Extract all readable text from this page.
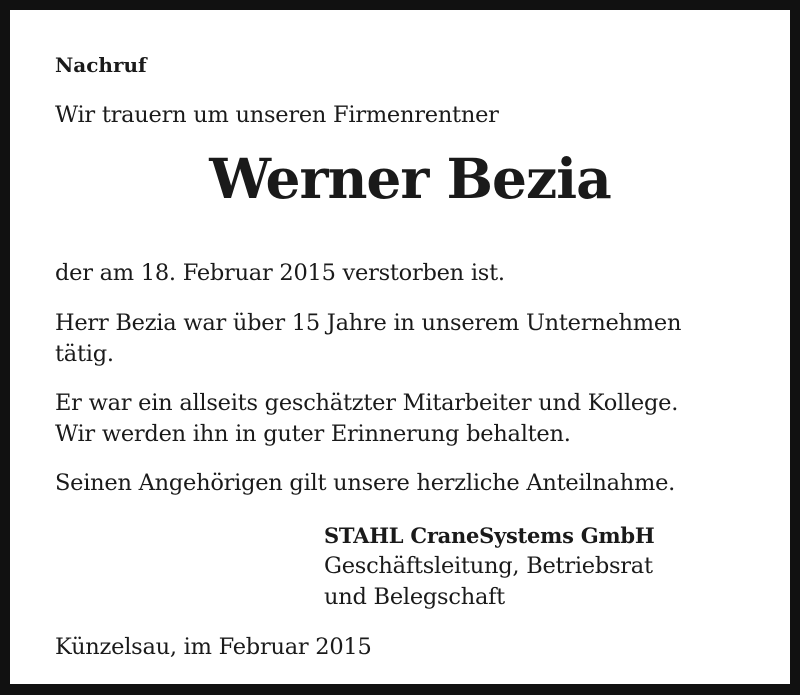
Nachruf
Wir trauern um unseren Firmenrentner
Werner Bezia
der am 18. Februar 2015 verstorben ist.
Herr Bezia war über 15 Jahre in unserem Unternehmen
tätig.
Er war ein allseits geschätzter Mitarbeiter und Kollege.
Wir werden ihn in guter Erinnerung behalten.
Seinen Angehörigen gilt unsere herzliche Anteilnahme.
STAHL CraneSystems GmbH
Geschäftsleitung, Betriebsrat
und Belegschaft
Künzelsau, im Februar 2015
